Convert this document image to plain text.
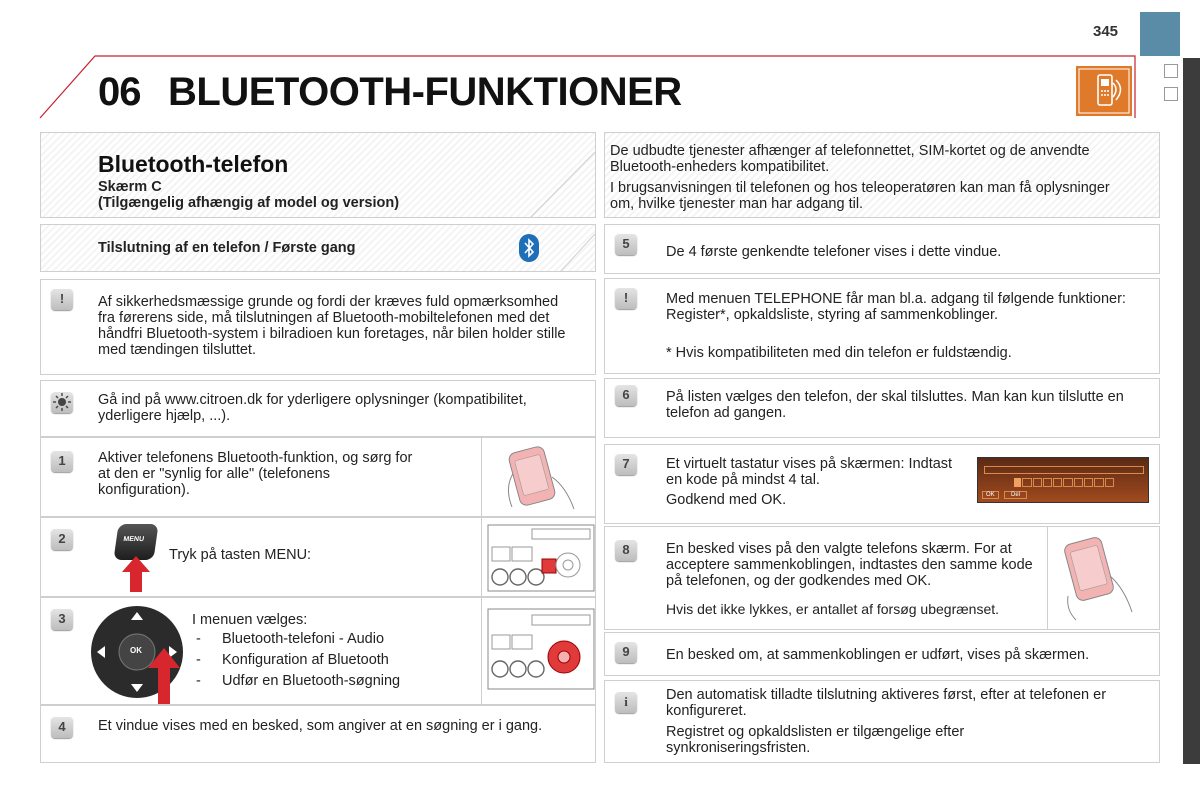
345
06 BLUETOOTH-FUNKTIONER
Bluetooth-telefon
Skærm C
(Tilgængelig afhængig af model og version)
Tilslutning af en telefon / Første gang
!	Af sikkerhedsmæssige grunde og fordi der kræves fuld opmærksomhed fra førerens side, må tilslutningen af Bluetooth-mobiltelefonen med det håndfri Bluetooth-system i bilradioen kun foretages, når bilen holder stille med tændingen tilsluttet.
Gå ind på www.citroen.dk for yderligere oplysninger (kompatibilitet, yderligere hjælp, ...).
1	Aktiver telefonens Bluetooth-funktion, og sørg for at den er "synlig for alle" (telefonens konfiguration).
2	MENU
Tryk på tasten MENU:
3
OK
I menuen vælges:
- Bluetooth-telefoni - Audio
- Konfiguration af Bluetooth
- Udfør en Bluetooth-søgning
4	Et vindue vises med en besked, som angiver at en søgning er i gang.
De udbudte tjenester afhænger af telefonnettet, SIM-kortet og de anvendte Bluetooth-enheders kompatibilitet.
I brugsanvisningen til telefonen og hos teleoperatøren kan man få oplysninger om, hvilke tjenester man har adgang til.
5
De 4 første genkendte telefoner vises i dette vindue.
!	Med menuen TELEPHONE får man bl.a. adgang til følgende funktioner: Register*, opkaldsliste, styring af sammenkoblinger.
* Hvis kompatibiliteten med din telefon er fuldstændig.
6	På listen vælges den telefon, der skal tilsluttes. Man kan kun tilslutte en telefon ad gangen.
7	Et virtuelt tastatur vises på skærmen: Indtast en kode på mindst 4 tal.
Godkend med OK.	OK	Del
8	En besked vises på den valgte telefons skærm. For at acceptere sammenkoblingen, indtastes den samme kode på telefonen, og der godkendes med OK.
Hvis det ikke lykkes, er antallet af forsøg ubegrænset.
9	En besked om, at sammenkoblingen er udført, vises på skærmen.
i	Den automatisk tilladte tilslutning aktiveres først, efter at telefonen er konfigureret.
Registret og opkaldslisten er tilgængelige efter synkroniseringsfristen.
